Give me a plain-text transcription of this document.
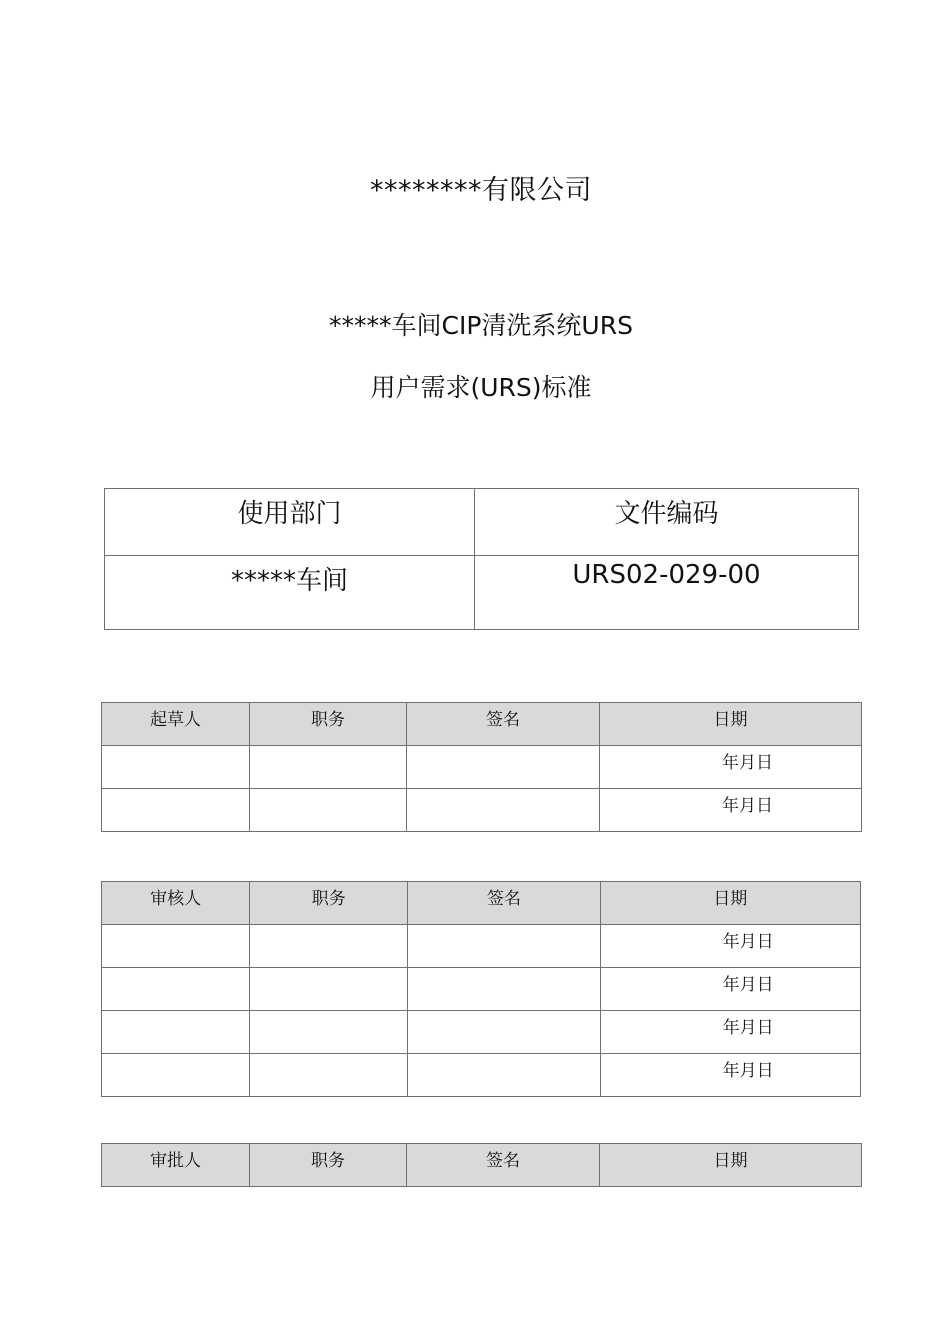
********有限公司
*****车间CIP清洗系统URS
用户需求(URS)标准
使用部门	文件编码
*****车间	URS02-029-00
起草人	职务	签名	日期
			年月日
			年月日
审核人	职务	签名	日期
			年月日
			年月日
			年月日
			年月日
审批人	职务	签名	日期
